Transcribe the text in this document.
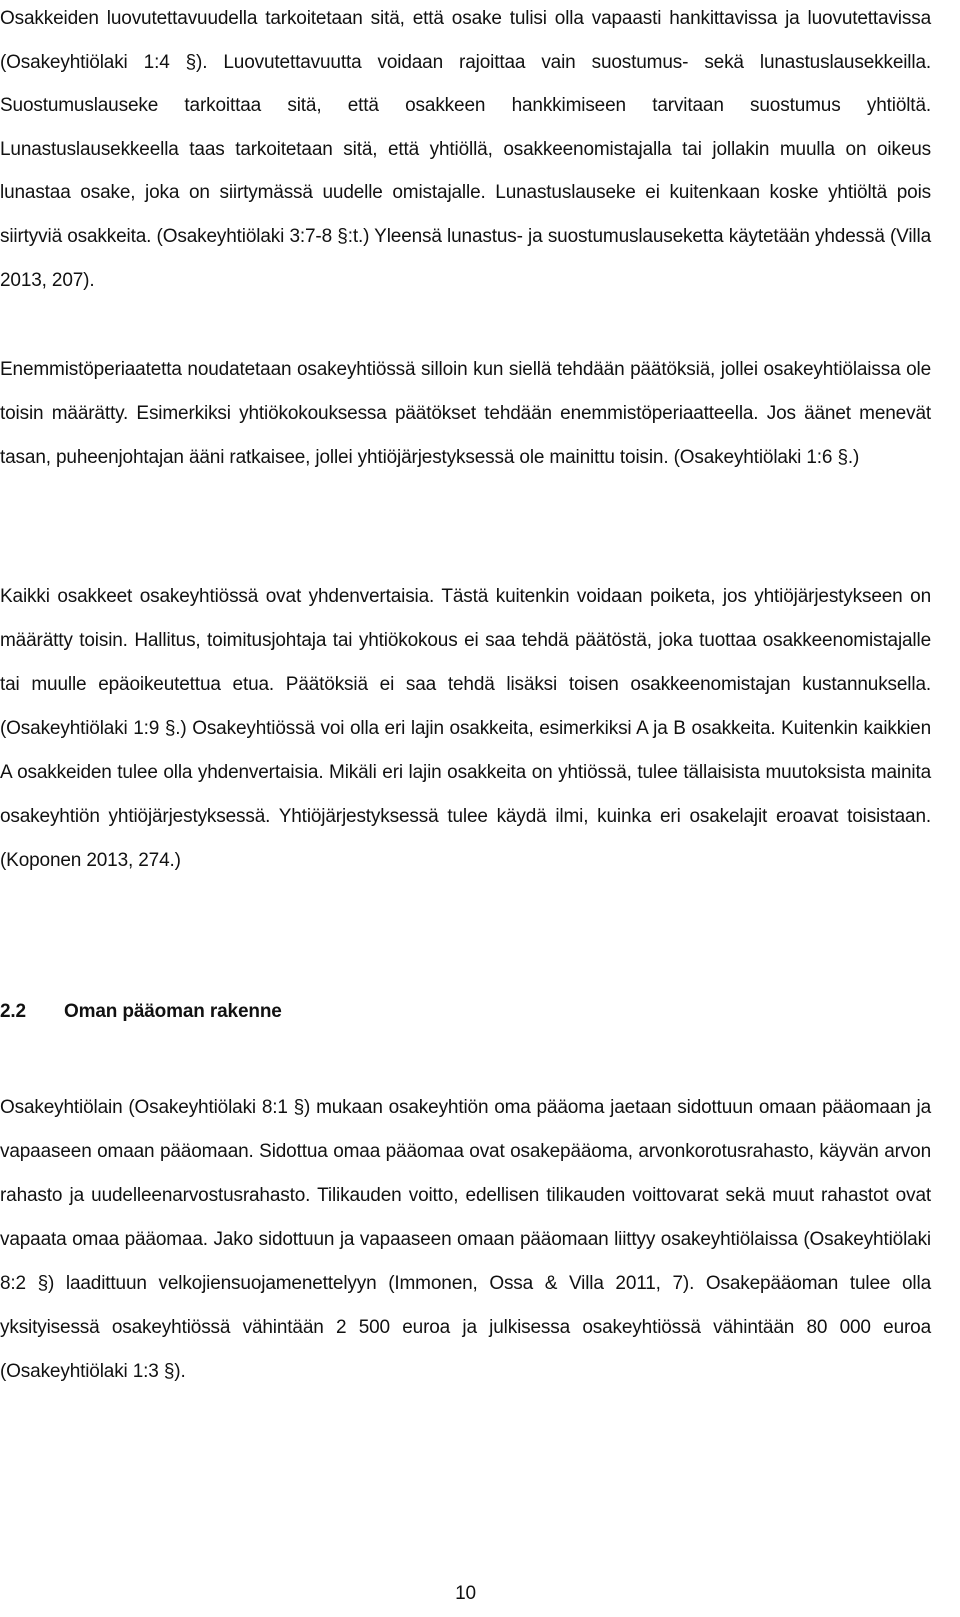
Osakkeiden luovutettavuudella tarkoitetaan sitä, että osake tulisi olla vapaasti hankittavissa ja luovutettavissa (Osakeyhtiölaki 1:4 §). Luovutettavuutta voidaan rajoittaa vain suostumus- sekä lunastuslausekkeilla. Suostumuslauseke tarkoittaa sitä, että osakkeen hankkimiseen tarvitaan suostumus yhtiöltä. Lunastuslausekkeella taas tarkoitetaan sitä, että yhtiöllä, osakkeenomistajalla tai jollakin muulla on oikeus lunastaa osake, joka on siirtymässä uudelle omistajalle. Lunastuslauseke ei kuitenkaan koske yhtiöltä pois siirtyviä osakkeita. (Osakeyhtiölaki 3:7-8 §:t.) Yleensä lunastus- ja suostumuslauseketta käytetään yhdessä (Villa 2013, 207).

Enemmistöperiaatetta noudatetaan osakeyhtiössä silloin kun siellä tehdään päätöksiä, jollei osakeyhtiölaissa ole toisin määrätty. Esimerkiksi yhtiökokouksessa päätökset tehdään enemmistöperiaatteella. Jos äänet menevät tasan, puheenjohtajan ääni ratkaisee, jollei yhtiöjärjestyksessä ole mainittu toisin. (Osakeyhtiölaki 1:6 §.)

Kaikki osakkeet osakeyhtiössä ovat yhdenvertaisia. Tästä kuitenkin voidaan poiketa, jos yhtiöjärjestykseen on määrätty toisin. Hallitus, toimitusjohtaja tai yhtiökokous ei saa tehdä päätöstä, joka tuottaa osakkeenomistajalle tai muulle epäoikeutettua etua. Päätöksiä ei saa tehdä lisäksi toisen osakkeenomistajan kustannuksella. (Osakeyhtiölaki 1:9 §.) Osakeyhtiössä voi olla eri lajin osakkeita, esimerkiksi A ja B osakkeita. Kuitenkin kaikkien A osakkeiden tulee olla yhdenvertaisia. Mikäli eri lajin osakkeita on yhtiössä, tulee tällaisista muutoksista mainita osakeyhtiön yhtiöjärjestyksessä. Yhtiöjärjestyksessä tulee käydä ilmi, kuinka eri osakelajit eroavat toisistaan. (Koponen 2013, 274.)

2.2 Oman pääoman rakenne

Osakeyhtiölain (Osakeyhtiölaki 8:1 §) mukaan osakeyhtiön oma pääoma jaetaan sidottuun omaan pääomaan ja vapaaseen omaan pääomaan. Sidottua omaa pääomaa ovat osakepääoma, arvonkorotusrahasto, käyvän arvon rahasto ja uudelleenarvostusrahasto. Tilikauden voitto, edellisen tilikauden voittovarat sekä muut rahastot ovat vapaata omaa pääomaa. Jako sidottuun ja vapaaseen omaan pääomaan liittyy osakeyhtiölaissa (Osakeyhtiölaki 8:2 §) laadittuun velkojiensuojamenettelyyn (Immonen, Ossa & Villa 2011, 7). Osakepääoman tulee olla yksityisessä osakeyhtiössä vähintään 2 500 euroa ja julkisessa osakeyhtiössä vähintään 80 000 euroa (Osakeyhtiölaki 1:3 §).

10
